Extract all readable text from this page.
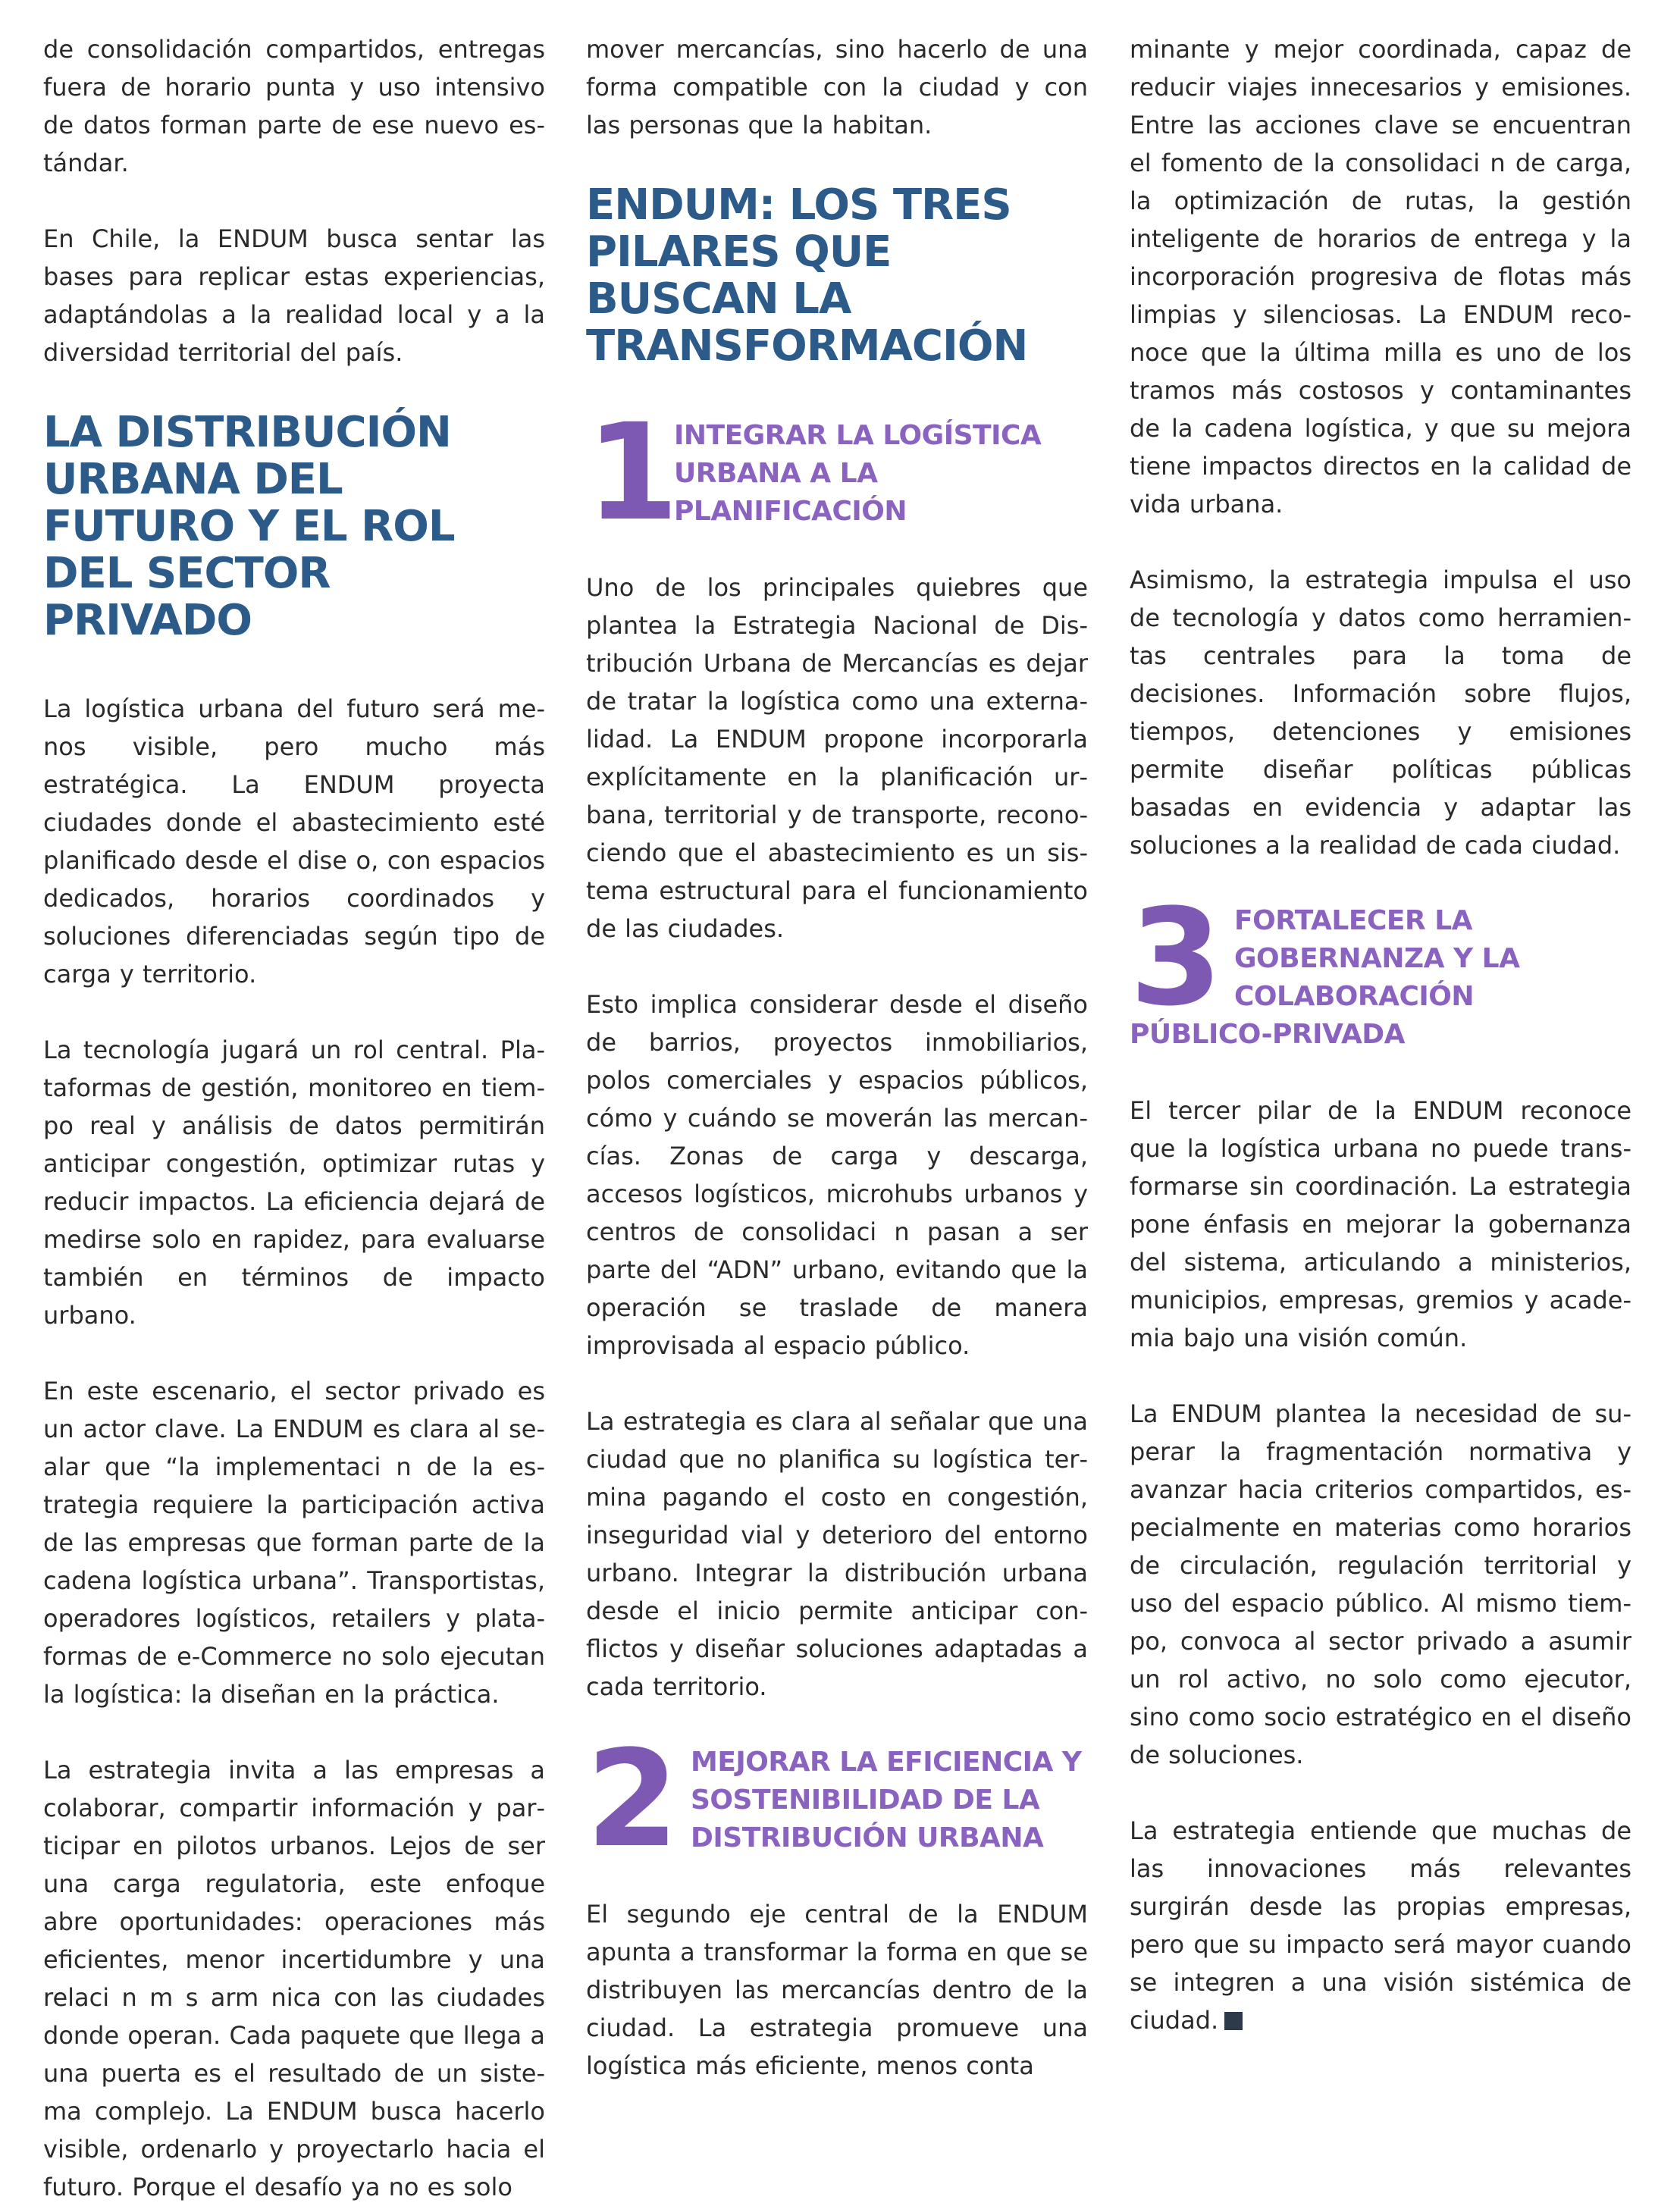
de consolidación compartidos, entregas fuera de horario punta y uso intensivo de datos forman parte de ese nuevo estándar.

En Chile, la ENDUM busca sentar las bases para replicar estas experiencias, adaptándolas a la realidad local y a la diversidad territorial del país.

LA DISTRIBUCIÓN URBANA DEL FUTURO Y EL ROL DEL SECTOR PRIVADO

La logística urbana del futuro será menos visible, pero mucho más estratégica. La ENDUM proyecta ciudades donde el abastecimiento esté planificado desde el dise o, con espacios dedicados, horarios coordinados y soluciones diferenciadas según tipo de carga y territorio.

La tecnología jugará un rol central. Plataformas de gestión, monitoreo en tiempo real y análisis de datos permitirán anticipar congestión, optimizar rutas y reducir impactos. La eficiencia dejará de medirse solo en rapidez, para evaluarse también en términos de impacto urbano.

En este escenario, el sector privado es un actor clave. La ENDUM es clara al se alar que “la implementaci n de la estrategia requiere la participación activa de las empresas que forman parte de la cadena logística urbana”. Transportistas, operadores logísticos, retailers y plataformas de e-Commerce no solo ejecutan la logística: la diseñan en la práctica.

La estrategia invita a las empresas a colaborar, compartir información y participar en pilotos urbanos. Lejos de ser una carga regulatoria, este enfoque abre oportunidades: operaciones más eficientes, menor incertidumbre y una relaci n m s arm nica con las ciudades donde operan. Cada paquete que llega a una puerta es el resultado de un sistema complejo. La ENDUM busca hacerlo visible, ordenarlo y proyectarlo hacia el futuro. Porque el desafío ya no es solo

mover mercancías, sino hacerlo de una forma compatible con la ciudad y con las personas que la habitan.

ENDUM: LOS TRES PILARES QUE BUSCAN LA TRANSFORMACIÓN
1 INTEGRAR LA LOGÍSTICA URBANA A LA PLANIFICACIÓN

Uno de los principales quiebres que plantea la Estrategia Nacional de Distribución Urbana de Mercancías es dejar de tratar la logística como una externalidad. La ENDUM propone incorporarla explícitamente en la planificación urbana, territorial y de transporte, reconociendo que el abastecimiento es un sistema estructural para el funcionamiento de las ciudades.

Esto implica considerar desde el diseño de barrios, proyectos inmobiliarios, polos comerciales y espacios públicos, cómo y cuándo se moverán las mercancías. Zonas de carga y descarga, accesos logísticos, microhubs urbanos y centros de consolidaci n pasan a ser parte del “ADN” urbano, evitando que la operación se traslade de manera improvisada al espacio público.

La estrategia es clara al señalar que una ciudad que no planifica su logística termina pagando el costo en congestión, inseguridad vial y deterioro del entorno urbano. Integrar la distribución urbana desde el inicio permite anticipar conflictos y diseñar soluciones adaptadas a cada territorio.

2 MEJORAR LA EFICIENCIA Y SOSTENIBILIDAD DE LA DISTRIBUCIÓN URBANA

El segundo eje central de la ENDUM apunta a transformar la forma en que se distribuyen las mercancías dentro de la ciudad. La estrategia promueve una logística más eficiente, menos conta

minante y mejor coordinada, capaz de reducir viajes innecesarios y emisiones. Entre las acciones clave se encuentran el fomento de la consolidaci n de carga, la optimización de rutas, la gestión inteligente de horarios de entrega y la incorporación progresiva de flotas más limpias y silenciosas. La ENDUM reconoce que la última milla es uno de los tramos más costosos y contaminantes de la cadena logística, y que su mejora tiene impactos directos en la calidad de vida urbana.

Asimismo, la estrategia impulsa el uso de tecnología y datos como herramientas centrales para la toma de decisiones. Información sobre flujos, tiempos, detenciones y emisiones permite diseñar políticas públicas basadas en evidencia y adaptar las soluciones a la realidad de cada ciudad.

3 FORTALECER LA GOBERNANZA Y LA COLABORACIÓN
PÚBLICO-PRIVADA

El tercer pilar de la ENDUM reconoce que la logística urbana no puede transformarse sin coordinación. La estrategia pone énfasis en mejorar la gobernanza del sistema, articulando a ministerios, municipios, empresas, gremios y academia bajo una visión común.

La ENDUM plantea la necesidad de superar la fragmentación normativa y avanzar hacia criterios compartidos, especialmente en materias como horarios de circulación, regulación territorial y uso del espacio público. Al mismo tiempo, convoca al sector privado a asumir un rol activo, no solo como ejecutor, sino como socio estratégico en el diseño de soluciones.

La estrategia entiende que muchas de las innovaciones más relevantes surgirán desde las propias empresas, pero que su impacto será mayor cuando se integren a una visión sistémica de ciudad.
